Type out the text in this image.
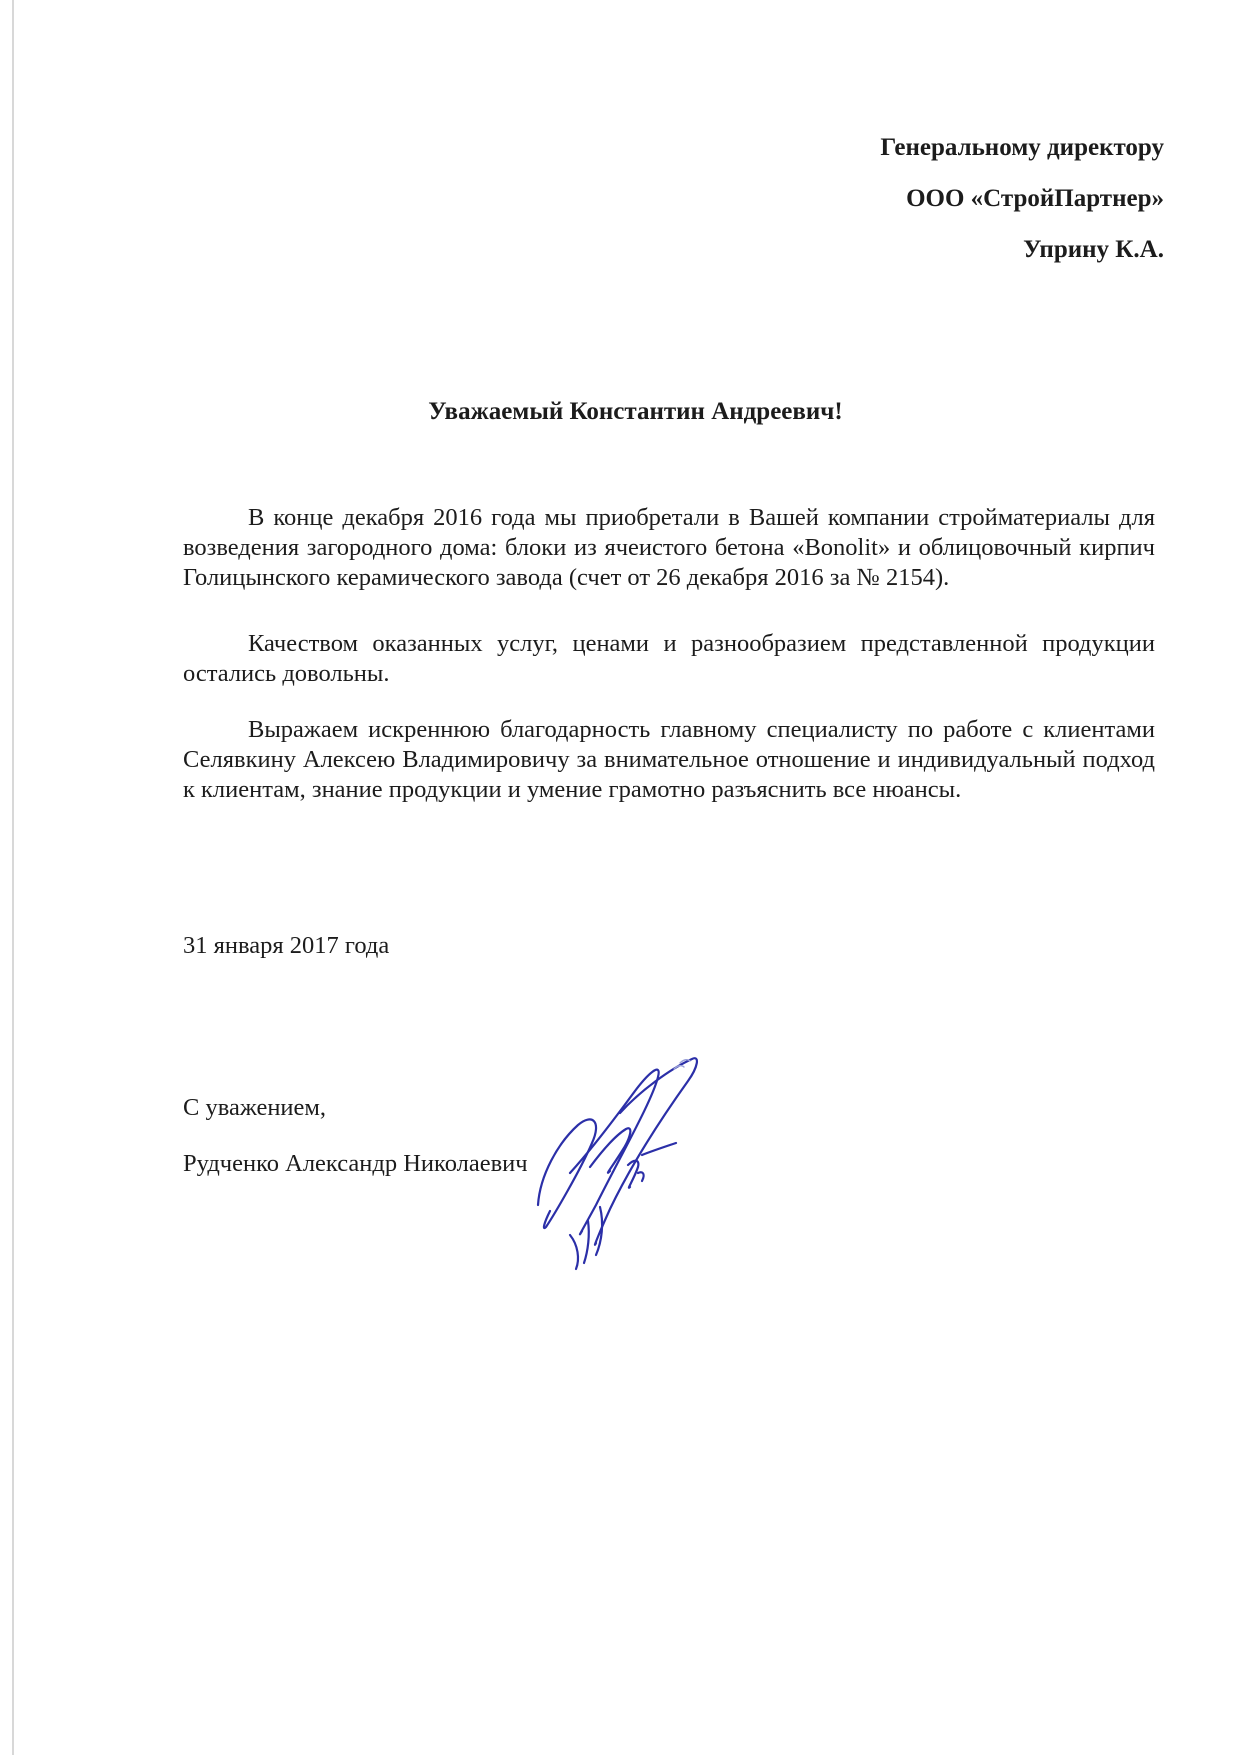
Генеральному директору
ООО «СтройПартнер»
Уприну К.А.
Уважаемый Константин Андреевич!

В конце декабря 2016 года мы приобретали в Вашей компании стройматериалы для возведения загородного дома: блоки из ячеистого бетона «Bonolit» и облицовочный кирпич Голицынского керамического завода (счет от 26 декабря 2016 за № 2154).

Качеством оказанных услуг, ценами и разнообразием представленной продукции остались довольны.

Выражаем искреннюю благодарность главному специалисту по работе с клиентами Селявкину Алексею Владимировичу за внимательное отношение и индивидуальный подход к клиентам, знание продукции и умение грамотно разъяснить все нюансы.

31 января 2017 года
С уважением,
Рудченко Александр Николаевич
